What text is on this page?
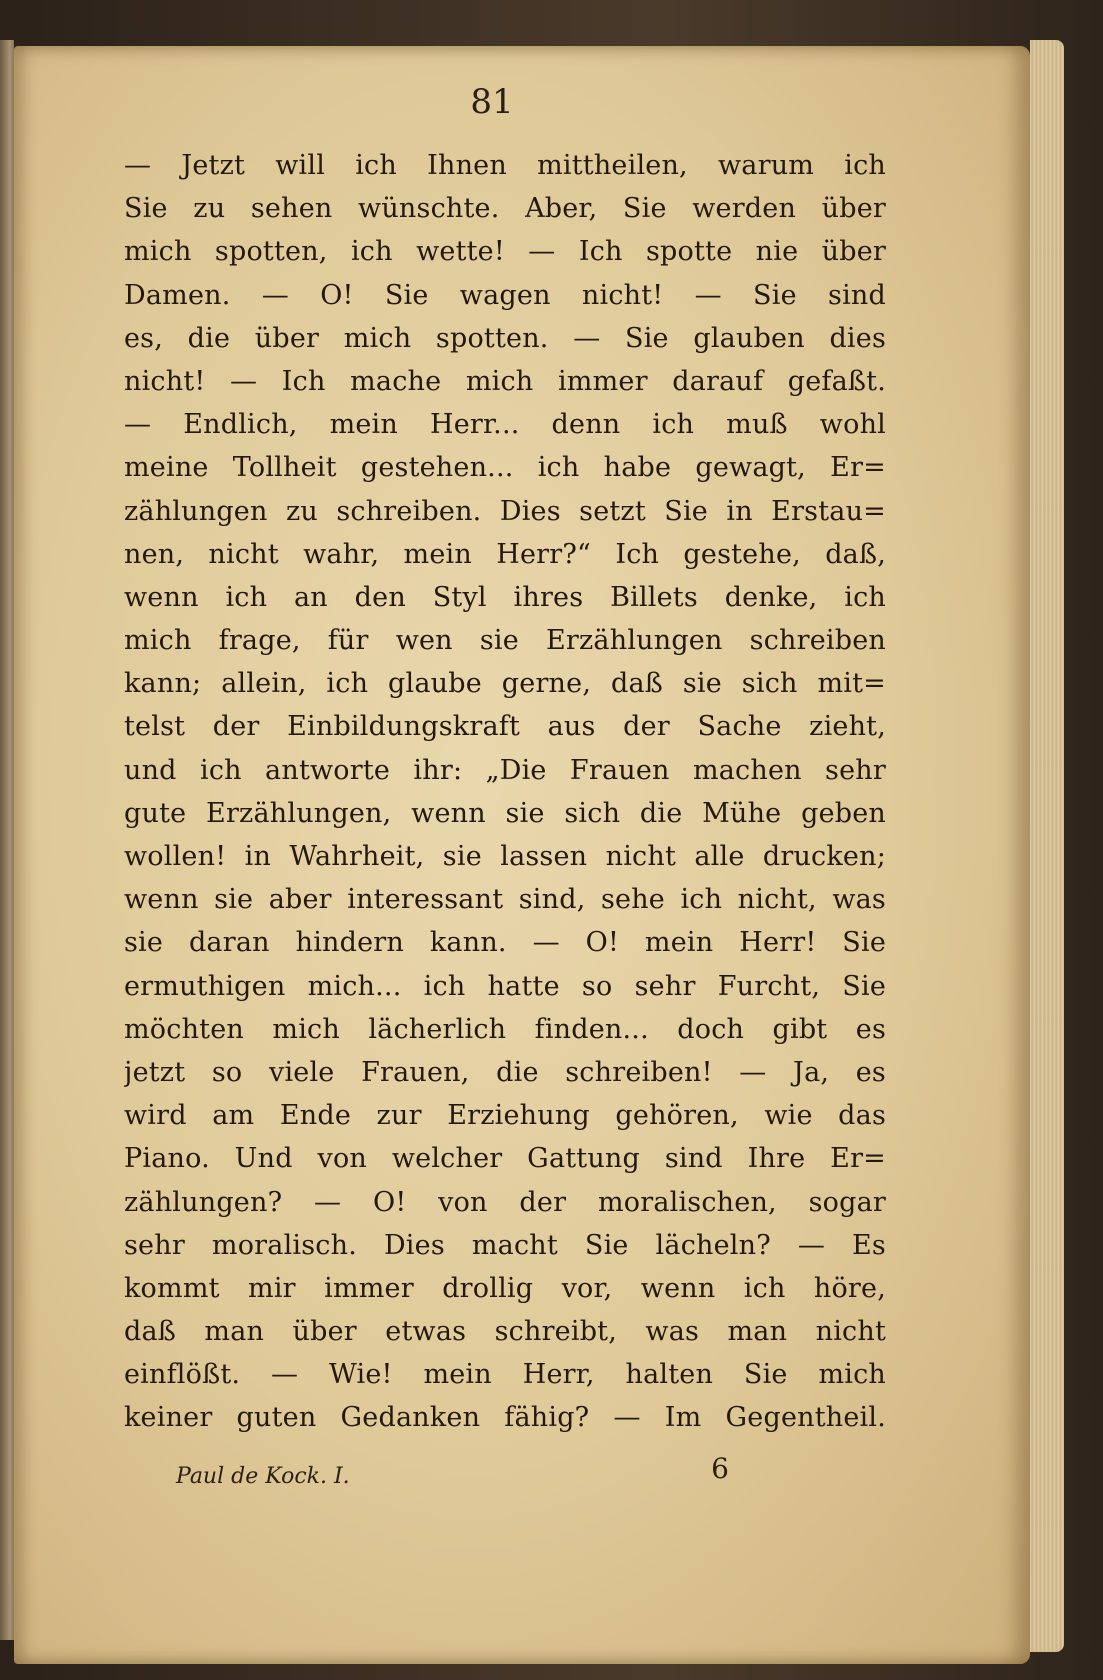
81
— Jetzt will ich Ihnen mittheilen, warum ich
Sie zu sehen wünschte. Aber, Sie werden über
mich spotten, ich wette! — Ich spotte nie über
Damen. — O! Sie wagen nicht! — Sie sind
es, die über mich spotten. — Sie glauben dies
nicht! — Ich mache mich immer darauf gefaßt.
— Endlich, mein Herr... denn ich muß wohl
meine Tollheit gestehen... ich habe gewagt, Er=
zählungen zu schreiben. Dies setzt Sie in Erstau=
nen, nicht wahr, mein Herr?“ Ich gestehe, daß,
wenn ich an den Styl ihres Billets denke, ich
mich frage, für wen sie Erzählungen schreiben
kann; allein, ich glaube gerne, daß sie sich mit=
telst der Einbildungskraft aus der Sache zieht,
und ich antworte ihr: „Die Frauen machen sehr
gute Erzählungen, wenn sie sich die Mühe geben
wollen! in Wahrheit, sie lassen nicht alle drucken;
wenn sie aber interessant sind, sehe ich nicht, was
sie daran hindern kann. — O! mein Herr! Sie
ermuthigen mich... ich hatte so sehr Furcht, Sie
möchten mich lächerlich finden... doch gibt es
jetzt so viele Frauen, die schreiben! — Ja, es
wird am Ende zur Erziehung gehören, wie das
Piano. Und von welcher Gattung sind Ihre Er=
zählungen? — O! von der moralischen, sogar
sehr moralisch. Dies macht Sie lächeln? — Es
kommt mir immer drollig vor, wenn ich höre,
daß man über etwas schreibt, was man nicht
einflößt. — Wie! mein Herr, halten Sie mich
keiner guten Gedanken fähig? — Im Gegentheil.
Paul de Kock. I.	6
